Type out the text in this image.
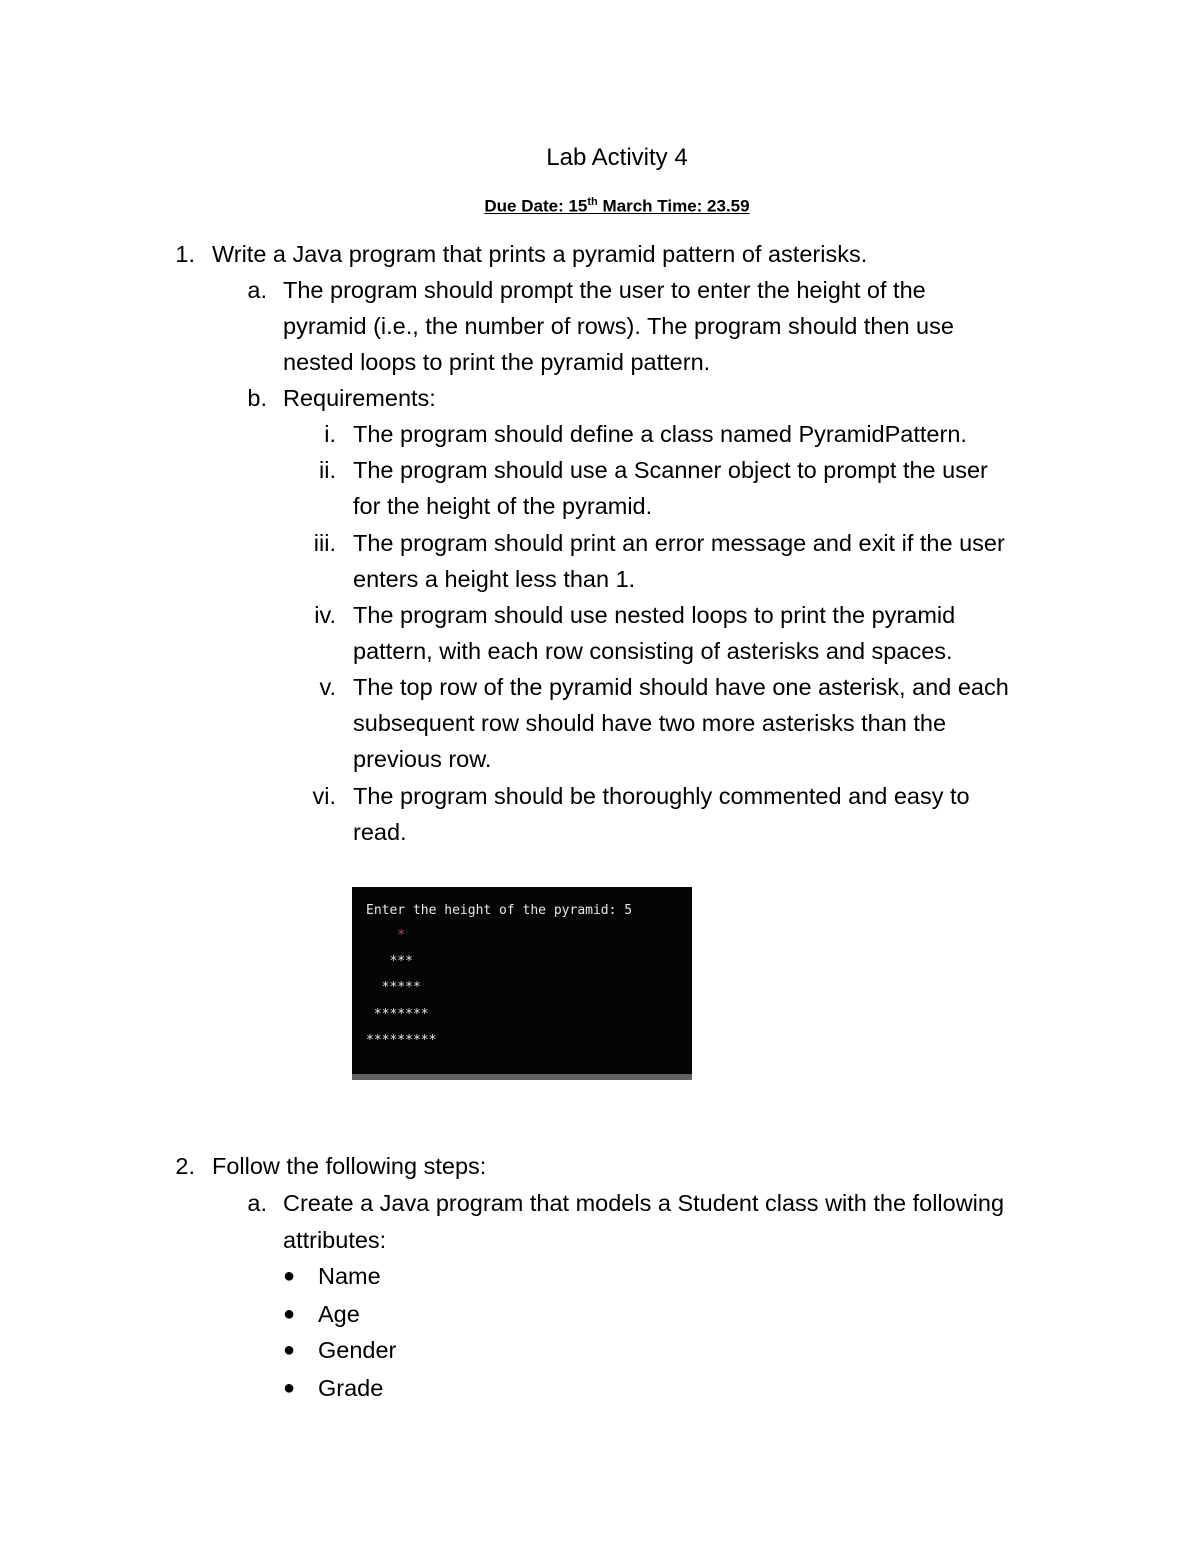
Lab Activity 4
Due Date: 15th March Time: 23.59
1. Write a Java program that prints a pyramid pattern of asterisks.
a. The program should prompt the user to enter the height of the
pyramid (i.e., the number of rows). The program should then use
nested loops to print the pyramid pattern.
b. Requirements:
i. The program should define a class named PyramidPattern.
ii. The program should use a Scanner object to prompt the user
for the height of the pyramid.
iii. The program should print an error message and exit if the user
enters a height less than 1.
iv. The program should use nested loops to print the pyramid
pattern, with each row consisting of asterisks and spaces.
v. The top row of the pyramid should have one asterisk, and each
subsequent row should have two more asterisks than the
previous row.
vi. The program should be thoroughly commented and easy to
read.
Enter the height of the pyramid: 5
*
***
*****
*******
*********
2. Follow the following steps:
a. Create a Java program that models a Student class with the following
attributes:
● Name
● Age
● Gender
● Grade
